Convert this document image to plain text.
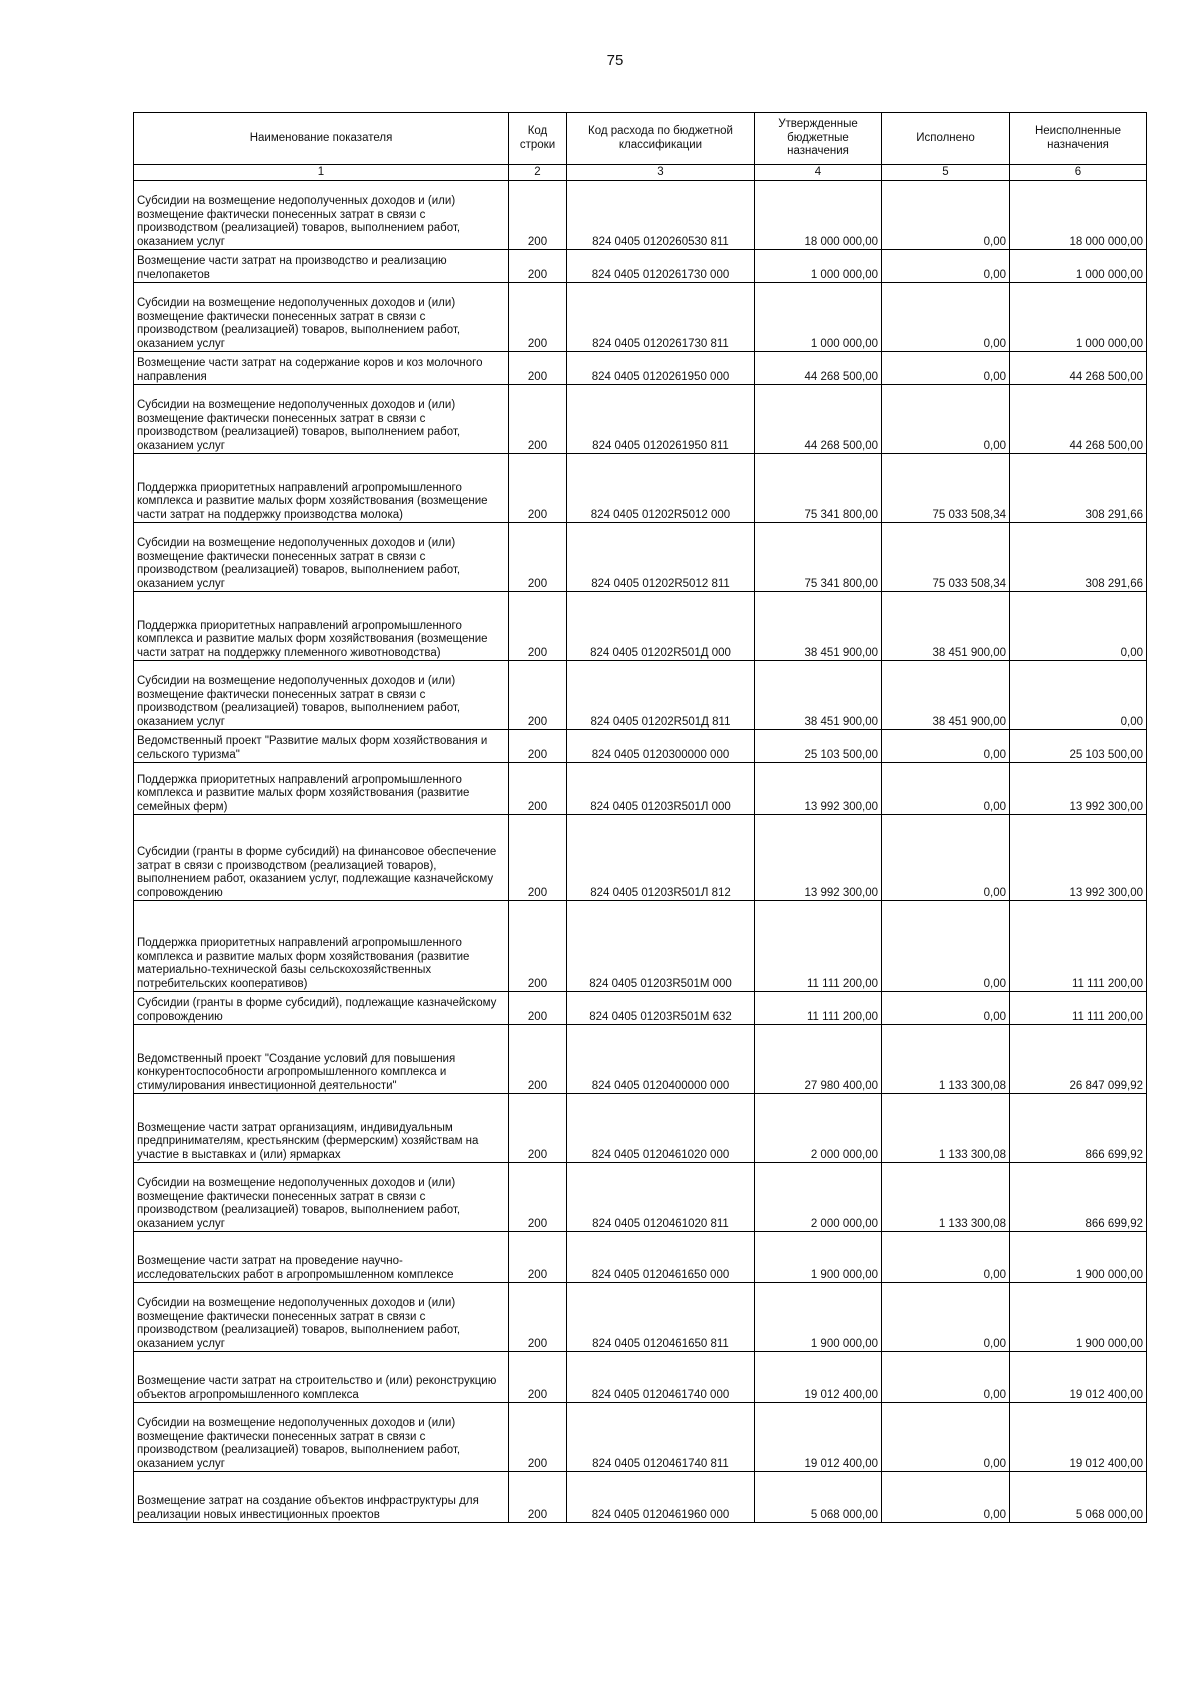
75
Наименование показателя	Код строки	Код расхода по бюджетной классификации	Утвержденные бюджетные назначения	Исполнено	Неисполненные назначения
1	2	3	4	5	6
Субсидии на возмещение недополученных доходов и (или) возмещение фактически понесенных затрат в связи с производством (реализацией) товаров, выполнением работ, оказанием услуг	200	824 0405 0120260530 811	18 000 000,00	0,00	18 000 000,00
Возмещение части затрат на производство и реализацию пчелопакетов	200	824 0405 0120261730 000	1 000 000,00	0,00	1 000 000,00
Субсидии на возмещение недополученных доходов и (или) возмещение фактически понесенных затрат в связи с производством (реализацией) товаров, выполнением работ, оказанием услуг	200	824 0405 0120261730 811	1 000 000,00	0,00	1 000 000,00
Возмещение части затрат на содержание коров и коз молочного направления	200	824 0405 0120261950 000	44 268 500,00	0,00	44 268 500,00
Субсидии на возмещение недополученных доходов и (или) возмещение фактически понесенных затрат в связи с производством (реализацией) товаров, выполнением работ, оказанием услуг	200	824 0405 0120261950 811	44 268 500,00	0,00	44 268 500,00
Поддержка приоритетных направлений агропромышленного комплекса и развитие малых форм хозяйствования (возмещение части затрат на поддержку производства молока)	200	824 0405 01202R5012 000	75 341 800,00	75 033 508,34	308 291,66
Субсидии на возмещение недополученных доходов и (или) возмещение фактически понесенных затрат в связи с производством (реализацией) товаров, выполнением работ, оказанием услуг	200	824 0405 01202R5012 811	75 341 800,00	75 033 508,34	308 291,66
Поддержка приоритетных направлений агропромышленного комплекса и развитие малых форм хозяйствования (возмещение части затрат на поддержку племенного животноводства)	200	824 0405 01202R501Д 000	38 451 900,00	38 451 900,00	0,00
Субсидии на возмещение недополученных доходов и (или) возмещение фактически понесенных затрат в связи с производством (реализацией) товаров, выполнением работ, оказанием услуг	200	824 0405 01202R501Д 811	38 451 900,00	38 451 900,00	0,00
Ведомственный проект "Развитие малых форм хозяйствования и сельского туризма"	200	824 0405 0120300000 000	25 103 500,00	0,00	25 103 500,00
Поддержка приоритетных направлений агропромышленного комплекса и развитие малых форм хозяйствования (развитие семейных ферм)	200	824 0405 01203R501Л 000	13 992 300,00	0,00	13 992 300,00
Субсидии (гранты в форме субсидий) на финансовое обеспечение затрат в связи с производством (реализацией товаров), выполнением работ, оказанием услуг, подлежащие казначейскому сопровождению	200	824 0405 01203R501Л 812	13 992 300,00	0,00	13 992 300,00
Поддержка приоритетных направлений агропромышленного комплекса и развитие малых форм хозяйствования (развитие материально-технической базы сельскохозяйственных потребительских кооперативов)	200	824 0405 01203R501М 000	11 111 200,00	0,00	11 111 200,00
Субсидии (гранты в форме субсидий), подлежащие казначейскому сопровождению	200	824 0405 01203R501М 632	11 111 200,00	0,00	11 111 200,00
Ведомственный проект "Создание условий для повышения конкурентоспособности агропромышленного комплекса и стимулирования инвестиционной деятельности"	200	824 0405 0120400000 000	27 980 400,00	1 133 300,08	26 847 099,92
Возмещение части затрат организациям, индивидуальным предпринимателям, крестьянским (фермерским) хозяйствам на участие в выставках и (или) ярмарках	200	824 0405 0120461020 000	2 000 000,00	1 133 300,08	866 699,92
Субсидии на возмещение недополученных доходов и (или) возмещение фактически понесенных затрат в связи с производством (реализацией) товаров, выполнением работ, оказанием услуг	200	824 0405 0120461020 811	2 000 000,00	1 133 300,08	866 699,92
Возмещение части затрат на проведение научно-исследовательских работ в агропромышленном комплексе	200	824 0405 0120461650 000	1 900 000,00	0,00	1 900 000,00
Субсидии на возмещение недополученных доходов и (или) возмещение фактически понесенных затрат в связи с производством (реализацией) товаров, выполнением работ, оказанием услуг	200	824 0405 0120461650 811	1 900 000,00	0,00	1 900 000,00
Возмещение части затрат на строительство и (или) реконструкцию объектов агропромышленного комплекса	200	824 0405 0120461740 000	19 012 400,00	0,00	19 012 400,00
Субсидии на возмещение недополученных доходов и (или) возмещение фактически понесенных затрат в связи с производством (реализацией) товаров, выполнением работ, оказанием услуг	200	824 0405 0120461740 811	19 012 400,00	0,00	19 012 400,00
Возмещение затрат на создание объектов инфраструктуры для реализации новых инвестиционных проектов	200	824 0405 0120461960 000	5 068 000,00	0,00	5 068 000,00
